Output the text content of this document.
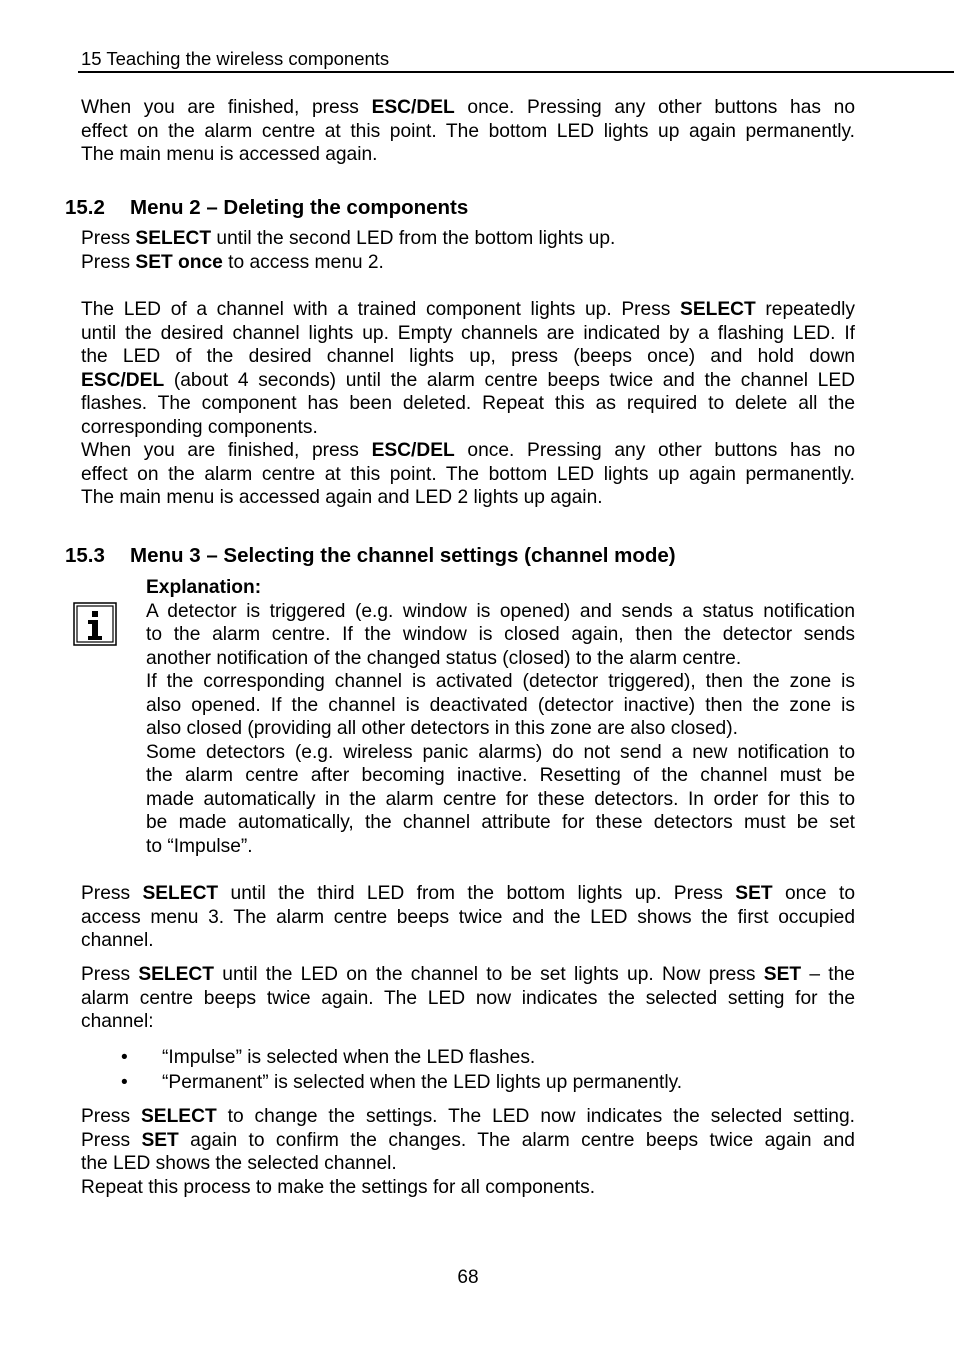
15 Teaching the wireless components
When you are finished, press ESC/DEL once. Pressing any other buttons has no
effect on the alarm centre at this point. The bottom LED lights up again permanently.
The main menu is accessed again.
15.2 Menu 2 – Deleting the components
Press SELECT until the second LED from the bottom lights up.
Press SET once to access menu 2.
The LED of a channel with a trained component lights up. Press SELECT repeatedly
until the desired channel lights up. Empty channels are indicated by a flashing LED. If
the LED of the desired channel lights up, press (beeps once) and hold down
ESC/DEL (about 4 seconds) until the alarm centre beeps twice and the channel LED
flashes. The component has been deleted. Repeat this as required to delete all the
corresponding components.
When you are finished, press ESC/DEL once. Pressing any other buttons has no
effect on the alarm centre at this point. The bottom LED lights up again permanently.
The main menu is accessed again and LED 2 lights up again.
15.3 Menu 3 – Selecting the channel settings (channel mode)
Explanation:
A detector is triggered (e.g. window is opened) and sends a status notification
to the alarm centre. If the window is closed again, then the detector sends
another notification of the changed status (closed) to the alarm centre.
If the corresponding channel is activated (detector triggered), then the zone is
also opened. If the channel is deactivated (detector inactive) then the zone is
also closed (providing all other detectors in this zone are also closed).
Some detectors (e.g. wireless panic alarms) do not send a new notification to
the alarm centre after becoming inactive. Resetting of the channel must be
made automatically in the alarm centre for these detectors. In order for this to
be made automatically, the channel attribute for these detectors must be set
to “Impulse”.
Press SELECT until the third LED from the bottom lights up. Press SET once to
access menu 3. The alarm centre beeps twice and the LED shows the first occupied
channel.
Press SELECT until the LED on the channel to be set lights up. Now press SET – the
alarm centre beeps twice again. The LED now indicates the selected setting for the
channel:
• “Impulse” is selected when the LED flashes.
• “Permanent” is selected when the LED lights up permanently.
Press SELECT to change the settings. The LED now indicates the selected setting.
Press SET again to confirm the changes. The alarm centre beeps twice again and
the LED shows the selected channel.
Repeat this process to make the settings for all components.
68
